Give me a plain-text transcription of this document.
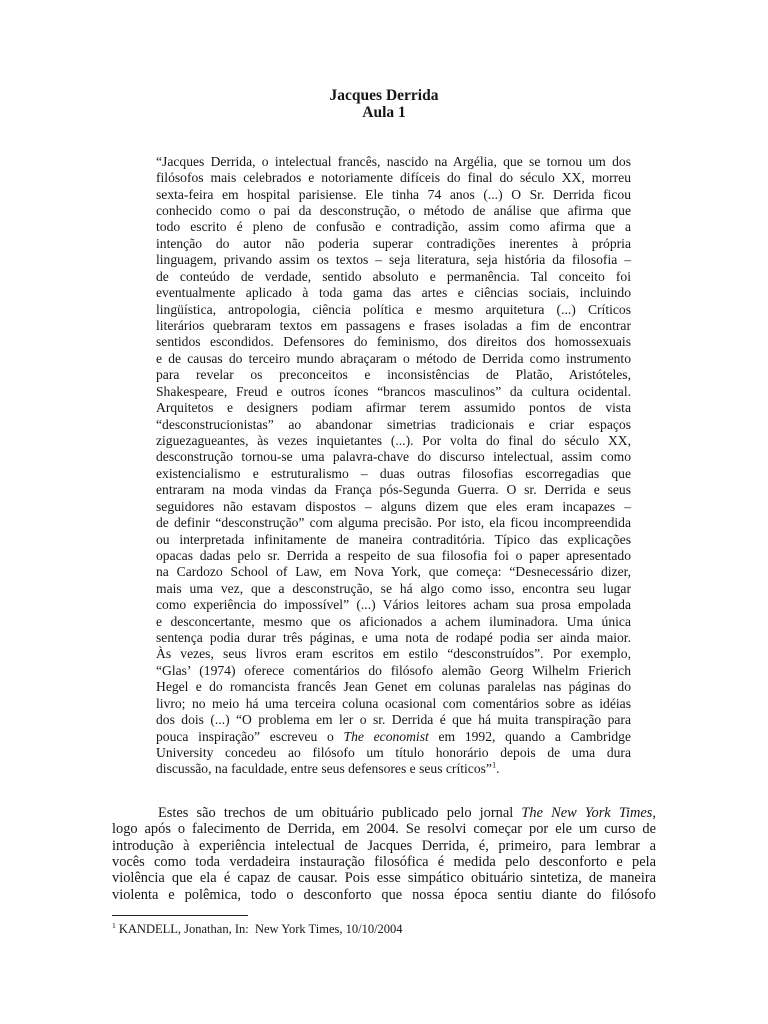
Jacques Derrida
Aula 1
“Jacques Derrida, o intelectual francês, nascido na Argélia, que se tornou um dos
filósofos mais celebrados e notoriamente difíceis do final do século XX, morreu
sexta-feira em hospital parisiense. Ele tinha 74 anos (...) O Sr. Derrida ficou
conhecido como o pai da desconstrução, o método de análise que afirma que
todo escrito é pleno de confusão e contradição, assim como afirma que a
intenção do autor não poderia superar contradições inerentes à própria
linguagem, privando assim os textos – seja literatura, seja história da filosofia –
de conteúdo de verdade, sentido absoluto e permanência. Tal conceito foi
eventualmente aplicado à toda gama das artes e ciências sociais, incluindo
lingüística, antropologia, ciência política e mesmo arquitetura (...) Críticos
literários quebraram textos em passagens e frases isoladas a fim de encontrar
sentidos escondidos. Defensores do feminismo, dos direitos dos homossexuais
e de causas do terceiro mundo abraçaram o método de Derrida como instrumento
para revelar os preconceitos e inconsistências de Platão, Aristóteles,
Shakespeare, Freud e outros ícones “brancos masculinos” da cultura ocidental.
Arquitetos e designers podiam afirmar terem assumido pontos de vista
“desconstrucionistas” ao abandonar simetrias tradicionais e criar espaços
ziguezagueantes, às vezes inquietantes (...). Por volta do final do século XX,
desconstrução tornou-se uma palavra-chave do discurso intelectual, assim como
existencialismo e estruturalismo – duas outras filosofias escorregadias que
entraram na moda vindas da França pós-Segunda Guerra. O sr. Derrida e seus
seguidores não estavam dispostos – alguns dizem que eles eram incapazes –
de definir “desconstrução” com alguma precisão. Por isto, ela ficou incompreendida
ou interpretada infinitamente de maneira contraditória. Típico das explicações
opacas dadas pelo sr. Derrida a respeito de sua filosofia foi o paper apresentado
na Cardozo School of Law, em Nova York, que começa: “Desnecessário dizer,
mais uma vez, que a desconstrução, se há algo como isso, encontra seu lugar
como experiência do impossível” (...) Vários leitores acham sua prosa empolada
e desconcertante, mesmo que os aficionados a achem iluminadora. Uma única
sentença podia durar três páginas, e uma nota de rodapé podia ser ainda maior.
Às vezes, seus livros eram escritos em estilo “desconstruídos”. Por exemplo,
“Glas’ (1974) oferece comentários do filósofo alemão Georg Wilhelm Frierich
Hegel e do romancista francês Jean Genet em colunas paralelas nas páginas do
livro; no meio há uma terceira coluna ocasional com comentários sobre as idéias
dos dois (...) “O problema em ler o sr. Derrida é que há muita transpiração para
pouca inspiração” escreveu o The economist em 1992, quando a Cambridge
University concedeu ao filósofo um título honorário depois de uma dura
discussão, na faculdade, entre seus defensores e seus críticos”$^1$.
Estes são trechos de um obituário publicado pelo jornal The New York Times,
logo após o falecimento de Derrida, em 2004. Se resolvi começar por ele um curso de
introdução à experiência intelectual de Jacques Derrida, é, primeiro, para lembrar a
vocês como toda verdadeira instauração filosófica é medida pelo desconforto e pela
violência que ela é capaz de causar. Pois esse simpático obituário sintetiza, de maneira
violenta e polêmica, todo o desconforto que nossa época sentiu diante do filósofo
$^1$ KANDELL, Jonathan, In:  New York Times, 10/10/2004
